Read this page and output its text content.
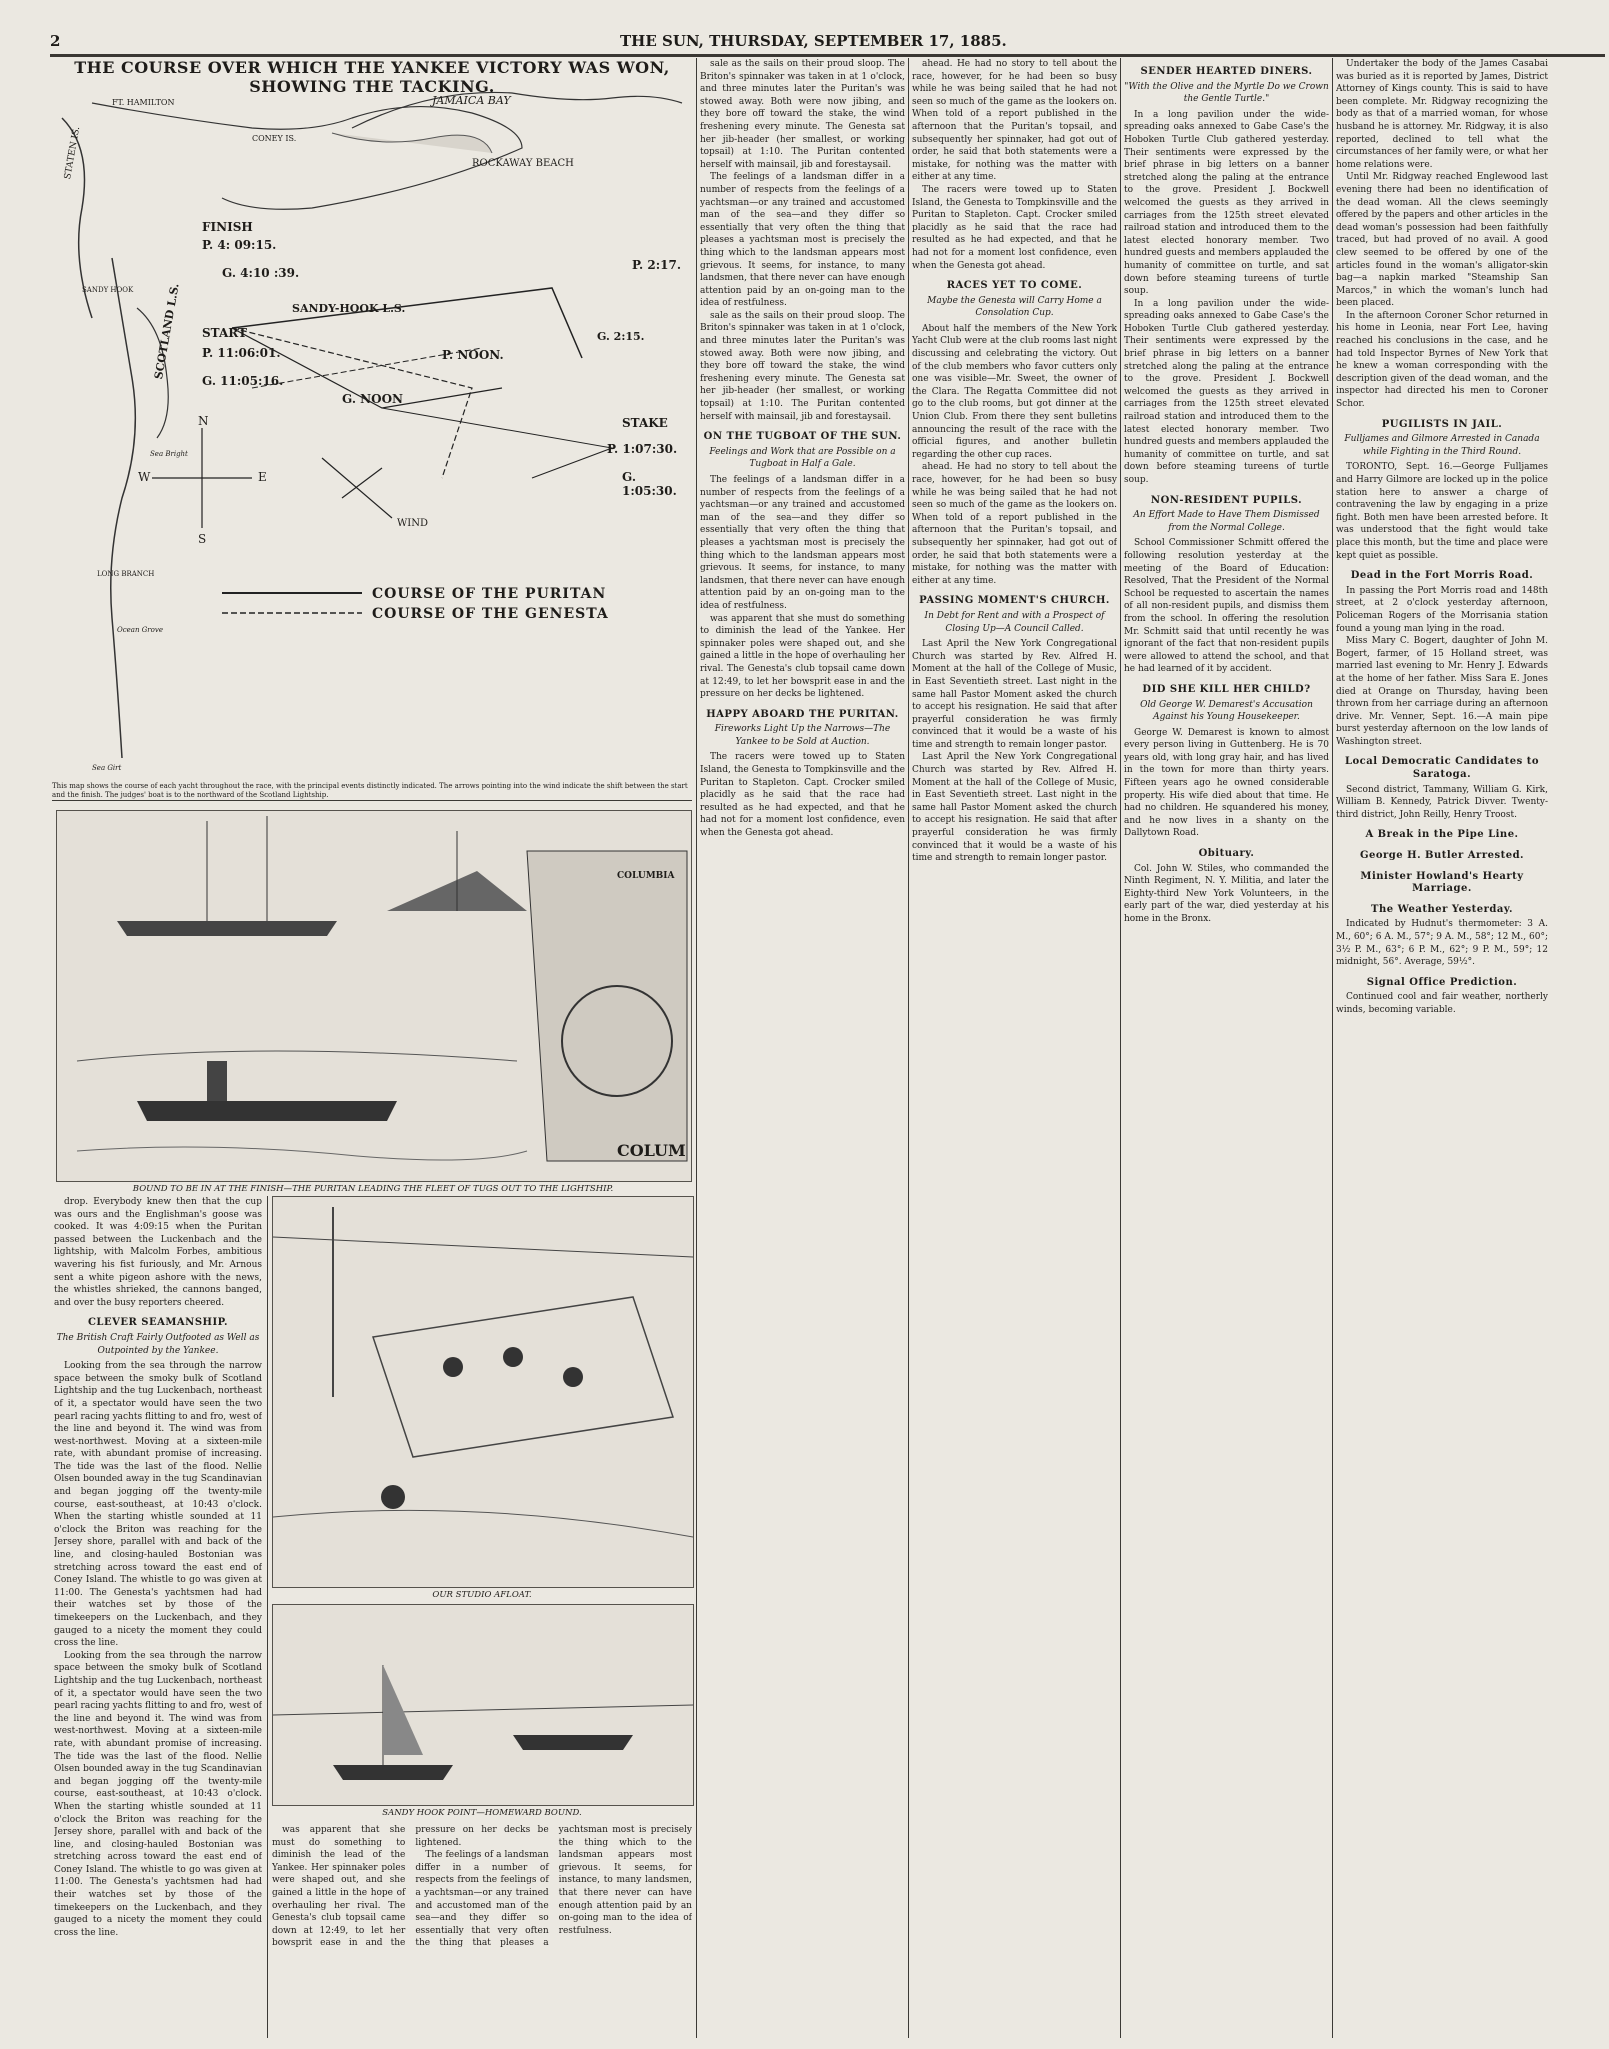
2	THE SUN, THURSDAY, SEPTEMBER 17, 1885.
THE COURSE OVER WHICH THE YANKEE VICTORY WAS WON, SHOWING THE TACKING.
JAMAICA BAY
ROCKAWAY BEACH
CONEY IS.
FT. HAMILTON
STATEN IS.
FINISH
P. 4: 09:15.
G. 4:10 :39.
P. 2:17.
G. 2:15.
SANDY-HOOK L.S.
START
P. 11:06:01.
G. 11:05:16.
P. NOON.
G. NOON
SCOTLAND L.S.
STAKE
P. 1:07:30.
G. 1:05:30.
SANDY HOOK
Sea Bright
LONG BRANCH
Ocean Grove
Sea Girt
N
S
E
W
WIND
COURSE OF THE PURITAN
COURSE OF THE GENESTA
This map shows the course of each yacht throughout the race, with the principal events distinctly indicated. The arrows pointing into the wind indicate the shift between the start and the finish. The judges' boat is to the northward of the Scotland Lightship.
COLUMBIA
COLUM
BOUND TO BE IN AT THE FINISH—THE PURITAN LEADING THE FLEET OF TUGS OUT TO THE LIGHTSHIP.

drop. Everybody knew then that the cup was ours and the Englishman's goose was cooked. It was 4:09:15 when the Puritan passed between the Luckenbach and the lightship, with Malcolm Forbes, ambitious wavering his fist furiously, and Mr. Arnous sent a white pigeon ashore with the news, the whistles shrieked, the cannons banged, and over the busy reporters cheered.

CLEVER SEAMANSHIP.

The British Craft Fairly Outfooted as Well as Outpointed by the Yankee.

Looking from the sea through the narrow space between the smoky bulk of Scotland Lightship and the tug Luckenbach, northeast of it, a spectator would have seen the two pearl racing yachts flitting to and fro, west of the line and beyond it. The wind was from west-northwest. Moving at a sixteen-mile rate, with abundant promise of increasing. The tide was the last of the flood. Nellie Olsen bounded away in the tug Scandinavian and began jogging off the twenty-mile course, east-southeast, at 10:43 o'clock. When the starting whistle sounded at 11 o'clock the Briton was reaching for the Jersey shore, parallel with and back of the line, and closing-hauled Bostonian was stretching across toward the east end of Coney Island. The whistle to go was given at 11:00. The Genesta's yachtsmen had had their watches set by those of the timekeepers on the Luckenbach, and they gauged to a nicety the moment they could cross the line.

Looking from the sea through the narrow space between the smoky bulk of Scotland Lightship and the tug Luckenbach, northeast of it, a spectator would have seen the two pearl racing yachts flitting to and fro, west of the line and beyond it. The wind was from west-northwest. Moving at a sixteen-mile rate, with abundant promise of increasing. The tide was the last of the flood. Nellie Olsen bounded away in the tug Scandinavian and began jogging off the twenty-mile course, east-southeast, at 10:43 o'clock. When the starting whistle sounded at 11 o'clock the Briton was reaching for the Jersey shore, parallel with and back of the line, and closing-hauled Bostonian was stretching across toward the east end of Coney Island. The whistle to go was given at 11:00. The Genesta's yachtsmen had had their watches set by those of the timekeepers on the Luckenbach, and they gauged to a nicety the moment they could cross the line.

OUR STUDIO AFLOAT.
SANDY HOOK POINT—HOMEWARD BOUND.

was apparent that she must do something to diminish the lead of the Yankee. Her spinnaker poles were shaped out, and she gained a little in the hope of overhauling her rival. The Genesta's club topsail came down at 12:49, to let her bowsprit ease in and the pressure on her decks be lightened.

The feelings of a landsman differ in a number of respects from the feelings of a yachtsman—or any trained and accustomed man of the sea—and they differ so essentially that very often the thing that pleases a yachtsman most is precisely the thing which to the landsman appears most grievous. It seems, for instance, to many landsmen, that there never can have enough attention paid by an on-going man to the idea of restfulness.

sale as the sails on their proud sloop. The Briton's spinnaker was taken in at 1 o'clock, and three minutes later the Puritan's was stowed away. Both were now jibing, and they bore off toward the stake, the wind freshening every minute. The Genesta sat her jib-header (her smallest, or working topsail) at 1:10. The Puritan contented herself with mainsail, jib and forestaysail.

The feelings of a landsman differ in a number of respects from the feelings of a yachtsman—or any trained and accustomed man of the sea—and they differ so essentially that very often the thing that pleases a yachtsman most is precisely the thing which to the landsman appears most grievous. It seems, for instance, to many landsmen, that there never can have enough attention paid by an on-going man to the idea of restfulness.

sale as the sails on their proud sloop. The Briton's spinnaker was taken in at 1 o'clock, and three minutes later the Puritan's was stowed away. Both were now jibing, and they bore off toward the stake, the wind freshening every minute. The Genesta sat her jib-header (her smallest, or working topsail) at 1:10. The Puritan contented herself with mainsail, jib and forestaysail.

ON THE TUGBOAT OF THE SUN.

Feelings and Work that are Possible on a Tugboat in Half a Gale.

The feelings of a landsman differ in a number of respects from the feelings of a yachtsman—or any trained and accustomed man of the sea—and they differ so essentially that very often the thing that pleases a yachtsman most is precisely the thing which to the landsman appears most grievous. It seems, for instance, to many landsmen, that there never can have enough attention paid by an on-going man to the idea of restfulness.

was apparent that she must do something to diminish the lead of the Yankee. Her spinnaker poles were shaped out, and she gained a little in the hope of overhauling her rival. The Genesta's club topsail came down at 12:49, to let her bowsprit ease in and the pressure on her decks be lightened.

HAPPY ABOARD THE PURITAN.

Fireworks Light Up the Narrows—The Yankee to be Sold at Auction.

The racers were towed up to Staten Island, the Genesta to Tompkinsville and the Puritan to Stapleton. Capt. Crocker smiled placidly as he said that the race had resulted as he had expected, and that he had not for a moment lost confidence, even when the Genesta got ahead.

ahead. He had no story to tell about the race, however, for he had been so busy while he was being sailed that he had not seen so much of the game as the lookers on. When told of a report published in the afternoon that the Puritan's topsail, and subsequently her spinnaker, had got out of order, he said that both statements were a mistake, for nothing was the matter with either at any time.

The racers were towed up to Staten Island, the Genesta to Tompkinsville and the Puritan to Stapleton. Capt. Crocker smiled placidly as he said that the race had resulted as he had expected, and that he had not for a moment lost confidence, even when the Genesta got ahead.

RACES YET TO COME.

Maybe the Genesta will Carry Home a Consolation Cup.

About half the members of the New York Yacht Club were at the club rooms last night discussing and celebrating the victory. Out of the club members who favor cutters only one was visible—Mr. Sweet, the owner of the Clara. The Regatta Committee did not go to the club rooms, but got dinner at the Union Club. From there they sent bulletins announcing the result of the race with the official figures, and another bulletin regarding the other cup races.

ahead. He had no story to tell about the race, however, for he had been so busy while he was being sailed that he had not seen so much of the game as the lookers on. When told of a report published in the afternoon that the Puritan's topsail, and subsequently her spinnaker, had got out of order, he said that both statements were a mistake, for nothing was the matter with either at any time.

PASSING MOMENT'S CHURCH.

In Debt for Rent and with a Prospect of Closing Up—A Council Called.

Last April the New York Congregational Church was started by Rev. Alfred H. Moment at the hall of the College of Music, in East Seventieth street. Last night in the same hall Pastor Moment asked the church to accept his resignation. He said that after prayerful consideration he was firmly convinced that it would be a waste of his time and strength to remain longer pastor.

Last April the New York Congregational Church was started by Rev. Alfred H. Moment at the hall of the College of Music, in East Seventieth street. Last night in the same hall Pastor Moment asked the church to accept his resignation. He said that after prayerful consideration he was firmly convinced that it would be a waste of his time and strength to remain longer pastor.

SENDER HEARTED DINERS.

"With the Olive and the Myrtle Do we Crown the Gentle Turtle."

In a long pavilion under the wide-spreading oaks annexed to Gabe Case's the Hoboken Turtle Club gathered yesterday. Their sentiments were expressed by the brief phrase in big letters on a banner stretched along the paling at the entrance to the grove. President J. Bockwell welcomed the guests as they arrived in carriages from the 125th street elevated railroad station and introduced them to the latest elected honorary member. Two hundred guests and members applauded the humanity of committee on turtle, and sat down before steaming tureens of turtle soup.

In a long pavilion under the wide-spreading oaks annexed to Gabe Case's the Hoboken Turtle Club gathered yesterday. Their sentiments were expressed by the brief phrase in big letters on a banner stretched along the paling at the entrance to the grove. President J. Bockwell welcomed the guests as they arrived in carriages from the 125th street elevated railroad station and introduced them to the latest elected honorary member. Two hundred guests and members applauded the humanity of committee on turtle, and sat down before steaming tureens of turtle soup.

NON-RESIDENT PUPILS.

An Effort Made to Have Them Dismissed from the Normal College.

School Commissioner Schmitt offered the following resolution yesterday at the meeting of the Board of Education: Resolved, That the President of the Normal School be requested to ascertain the names of all non-resident pupils, and dismiss them from the school. In offering the resolution Mr. Schmitt said that until recently he was ignorant of the fact that non-resident pupils were allowed to attend the school, and that he had learned of it by accident.

DID SHE KILL HER CHILD?

Old George W. Demarest's Accusation Against his Young Housekeeper.

George W. Demarest is known to almost every person living in Guttenberg. He is 70 years old, with long gray hair, and has lived in the town for more than thirty years. Fifteen years ago he owned considerable property. His wife died about that time. He had no children. He squandered his money, and he now lives in a shanty on the Dallytown Road.

Obituary.

Col. John W. Stiles, who commanded the Ninth Regiment, N. Y. Militia, and later the Eighty-third New York Volunteers, in the early part of the war, died yesterday at his home in the Bronx.

Undertaker the body of the James Casabai was buried as it is reported by James, District Attorney of Kings county. This is said to have been complete. Mr. Ridgway recognizing the body as that of a married woman, for whose husband he is attorney. Mr. Ridgway, it is also reported, declined to tell what the circumstances of her family were, or what her home relations were.

Until Mr. Ridgway reached Englewood last evening there had been no identification of the dead woman. All the clews seemingly offered by the papers and other articles in the dead woman's possession had been faithfully traced, but had proved of no avail. A good clew seemed to be offered by one of the articles found in the woman's alligator-skin bag—a napkin marked "Steamship San Marcos," in which the woman's lunch had been placed.

In the afternoon Coroner Schor returned in his home in Leonia, near Fort Lee, having reached his conclusions in the case, and he had told Inspector Byrnes of New York that he knew a woman corresponding with the description given of the dead woman, and the inspector had directed his men to Coroner Schor.

PUGILISTS IN JAIL.

Fulljames and Gilmore Arrested in Canada while Fighting in the Third Round.

TORONTO, Sept. 16.—George Fulljames and Harry Gilmore are locked up in the police station here to answer a charge of contravening the law by engaging in a prize fight. Both men have been arrested before. It was understood that the fight would take place this month, but the time and place were kept quiet as possible.

Dead in the Fort Morris Road.

In passing the Port Morris road and 148th street, at 2 o'clock yesterday afternoon, Policeman Rogers of the Morrisania station found a young man lying in the road.

Miss Mary C. Bogert, daughter of John M. Bogert, farmer, of 15 Holland street, was married last evening to Mr. Henry J. Edwards at the home of her father. Miss Sara E. Jones died at Orange on Thursday, having been thrown from her carriage during an afternoon drive. Mr. Venner, Sept. 16.—A main pipe burst yesterday afternoon on the low lands of Washington street.

Local Democratic Candidates to Saratoga.

Second district, Tammany, William G. Kirk, William B. Kennedy, Patrick Divver. Twenty-third district, John Reilly, Henry Troost.

A Break in the Pipe Line.

George H. Butler Arrested.

Minister Howland's Hearty Marriage.

The Weather Yesterday.

Indicated by Hudnut's thermometer: 3 A. M., 60°; 6 A. M., 57°; 9 A. M., 58°; 12 M., 60°; 3½ P. M., 63°; 6 P. M., 62°; 9 P. M., 59°; 12 midnight, 56°. Average, 59½°.

Signal Office Prediction.

Continued cool and fair weather, northerly winds, becoming variable.
